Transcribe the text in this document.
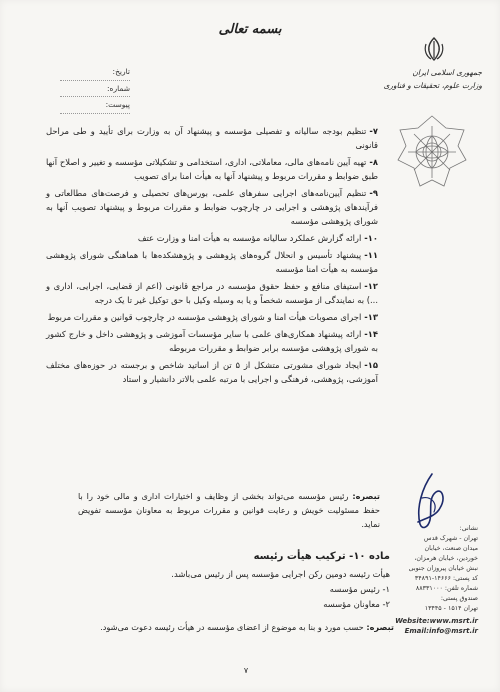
بسمه تعالی
جمهوری اسلامی ایران
وزارت علوم، تحقیقات و فناوری
تاریخ:
شماره:
پیوست:
۷-تنظیم بودجه سالیانه و تفصیلی مؤسسه و پیشنهاد آن به وزارت برای تأیید و طی مراحل قانونی
۸-تهیه آیین نامه‌های مالی، معاملاتی، اداری، استخدامی و تشکیلاتی مؤسسه و تغییر و اصلاح آنها طبق ضوابط و مقررات مربوط و پیشنهاد آنها به هیأت امنا برای تصویب
۹-تنظیم آیین‌نامه‌های اجرایی سفرهای علمی، بورس‌های تحصیلی و فرصت‌های مطالعاتی و فرآیندهای پژوهشی و اجرایی در چارچوب ضوابط و مقررات مربوط و پیشنهاد تصویب آنها به شورای پژوهشی مؤسسه
۱۰-ارائه گزارش عملکرد سالیانه مؤسسه به هیأت امنا و وزارت عتف
۱۱-پیشنهاد تأسیس و انحلال گروه‌های پژوهشی و پژوهشکده‌ها با هماهنگی شورای پژوهشی مؤسسه به هیأت امنا مؤسسه
۱۲-استیفای منافع و حفظ حقوق مؤسسه در مراجع قانونی (اعم از قضایی، اجرایی، اداری و ...) به نمایندگی از مؤسسه شخصاً و یا به وسیله وکیل با حق توکیل غیر تا یک درجه
۱۳-اجرای مصوبات هیأت امنا و شورای پژوهشی مؤسسه در چارچوب قوانین و مقررات مربوط
۱۴-ارائه پیشنهاد همکاری‌های علمی با سایر مؤسسات آموزشی و پژوهشی داخل و خارج کشور به شورای پژوهشی مؤسسه برابر ضوابط و مقررات مربوطه
۱۵-ایجاد شورای مشورتی متشکل از ۵ تن از اساتید شاخص و برجسته در حوزه‌های مختلف آموزشی، پژوهشی، فرهنگی و اجرایی با مرتبه علمی بالاتر دانشیار و استاد
تبصره: رئیس مؤسسه می‌تواند بخشی از وظایف و اختیارات اداری و مالی خود را با حفظ مسئولیت خویش و رعایت قوانین و مقررات مربوط به معاونان مؤسسه تفویض نماید.
ماده ۱۰- ترکیب هیأت رئیسه
هیأت رئیسه دومین رکن اجرایی مؤسسه پس از رئیس می‌باشد.
۱- رئیس مؤسسه
۲- معاونان مؤسسه
تبصره: حسب مورد و بنا به موضوع از اعضای مؤسسه در هیأت رئیسه دعوت می‌شود.
نشانی:
تهران - شهرک قدس
میدان صنعت، خیابان
خوردین، خیابان هرمزان،
نبش خیابان پیروزان جنوبی
کد پستی: ۱۴۶۶۶-۳۴۸۹۱
شماره تلفن: ۸۸۳۳۱۰۰۰
صندوق پستی:
تهران ۱۵۱۴ - ۱۳۴۴۵
Website:www.msrt.ir
Email:info@msrt.ir
۷
